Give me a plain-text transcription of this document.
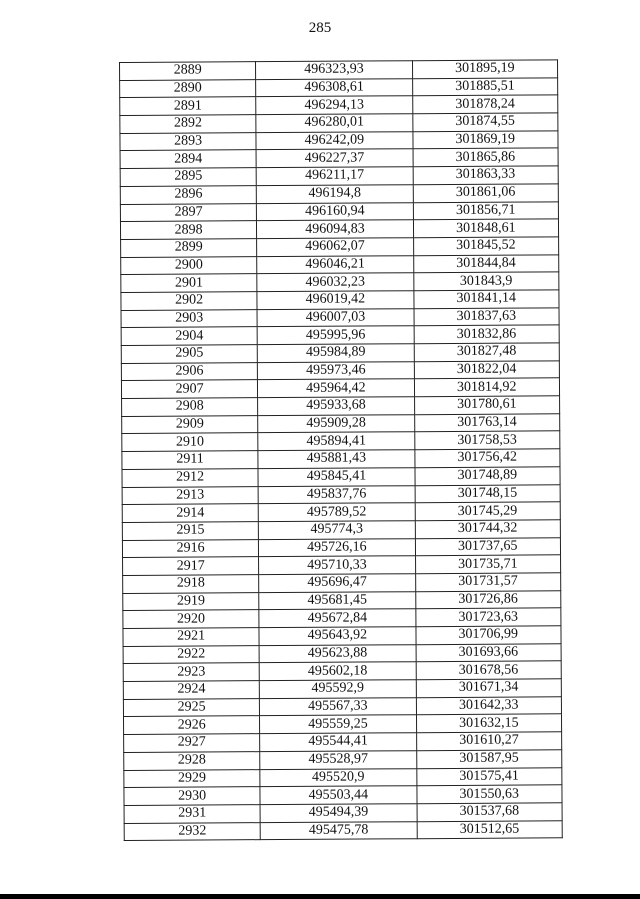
285
2889	496323,93	301895,19
2890	496308,61	301885,51
2891	496294,13	301878,24
2892	496280,01	301874,55
2893	496242,09	301869,19
2894	496227,37	301865,86
2895	496211,17	301863,33
2896	496194,8	301861,06
2897	496160,94	301856,71
2898	496094,83	301848,61
2899	496062,07	301845,52
2900	496046,21	301844,84
2901	496032,23	301843,9
2902	496019,42	301841,14
2903	496007,03	301837,63
2904	495995,96	301832,86
2905	495984,89	301827,48
2906	495973,46	301822,04
2907	495964,42	301814,92
2908	495933,68	301780,61
2909	495909,28	301763,14
2910	495894,41	301758,53
2911	495881,43	301756,42
2912	495845,41	301748,89
2913	495837,76	301748,15
2914	495789,52	301745,29
2915	495774,3	301744,32
2916	495726,16	301737,65
2917	495710,33	301735,71
2918	495696,47	301731,57
2919	495681,45	301726,86
2920	495672,84	301723,63
2921	495643,92	301706,99
2922	495623,88	301693,66
2923	495602,18	301678,56
2924	495592,9	301671,34
2925	495567,33	301642,33
2926	495559,25	301632,15
2927	495544,41	301610,27
2928	495528,97	301587,95
2929	495520,9	301575,41
2930	495503,44	301550,63
2931	495494,39	301537,68
2932	495475,78	301512,65
